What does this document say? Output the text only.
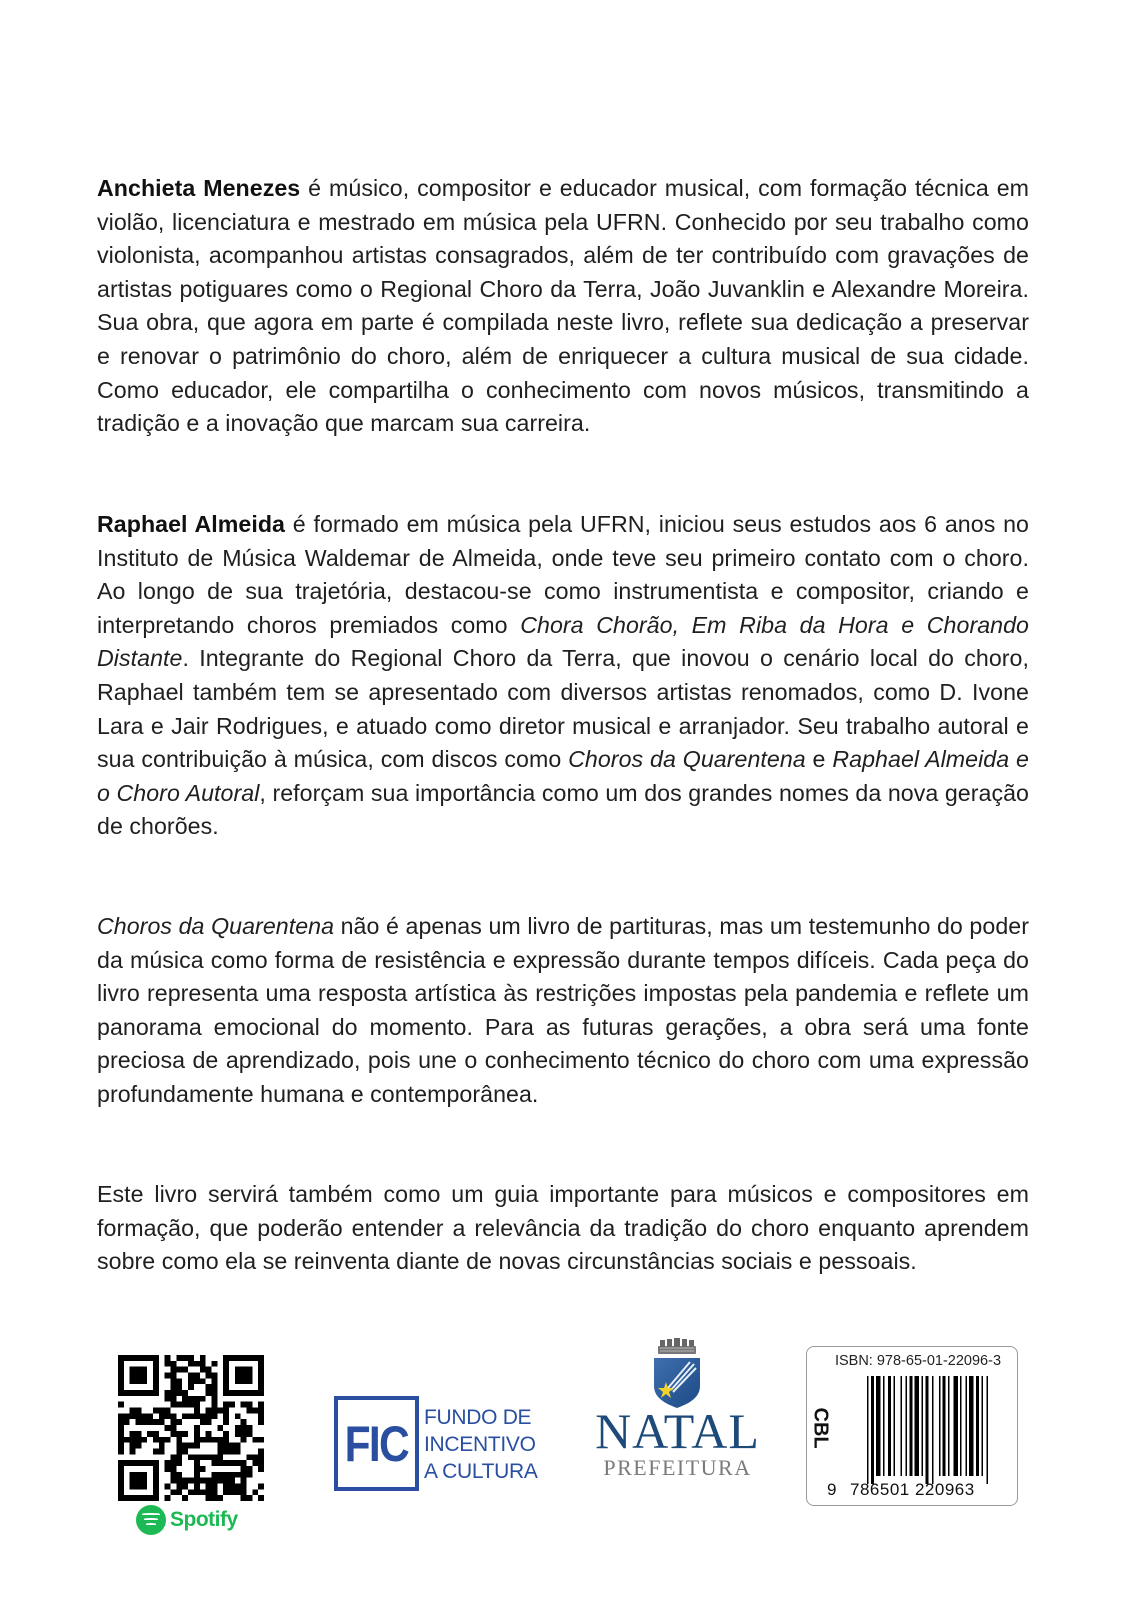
Anchieta Menezes é músico, compositor e educador musical, com formação técnica em violão, licenciatura e mestrado em música pela UFRN. Conhecido por seu trabalho como violonista, acompanhou artistas consagrados, além de ter contribuído com gravações de artistas potiguares como o Regional Choro da Terra, João Juvanklin e Alexandre Moreira. Sua obra, que agora em parte é compilada neste livro, reflete sua dedicação a preservar e renovar o patrimônio do choro, além de enriquecer a cultura musical de sua cidade. Como educador, ele compartilha o conhecimento com novos músicos, transmitindo a tradição e a inovação que marcam sua carreira.
Raphael Almeida é formado em música pela UFRN, iniciou seus estudos aos 6 anos no Instituto de Música Waldemar de Almeida, onde teve seu primeiro contato com o choro. Ao longo de sua trajetória, destacou-se como instrumentista e compositor, criando e interpretando choros premiados como Chora Chorão, Em Riba da Hora e Chorando Distante. Integrante do Regional Choro da Terra, que inovou o cenário local do choro, Raphael também tem se apresentado com diversos artistas renomados, como D. Ivone Lara e Jair Rodrigues, e atuado como diretor musical e arranjador. Seu trabalho autoral e sua contribuição à música, com discos como Choros da Quarentena e Raphael Almeida e o Choro Autoral, reforçam sua importância como um dos grandes nomes da nova geração de chorões.
Choros da Quarentena não é apenas um livro de partituras, mas um testemunho do poder da música como forma de resistência e expressão durante tempos difíceis. Cada peça do livro representa uma resposta artística às restrições impostas pela pandemia e reflete um panorama emocional do momento. Para as futuras gerações, a obra será uma fonte preciosa de aprendizado, pois une o conhecimento técnico do choro com uma expressão profundamente humana e contemporânea.
Este livro servirá também como um guia importante para músicos e compositores em formação, que poderão entender a relevância da tradição do choro enquanto aprendem sobre como ela se reinventa diante de novas circunstâncias sociais e pessoais.
Spotify
FIC FUNDO DE
INCENTIVO
A CULTURA
NATAL
PREFEITURA
ISBN: 978-65-01-22096-3
CBL
9 786501 220963
